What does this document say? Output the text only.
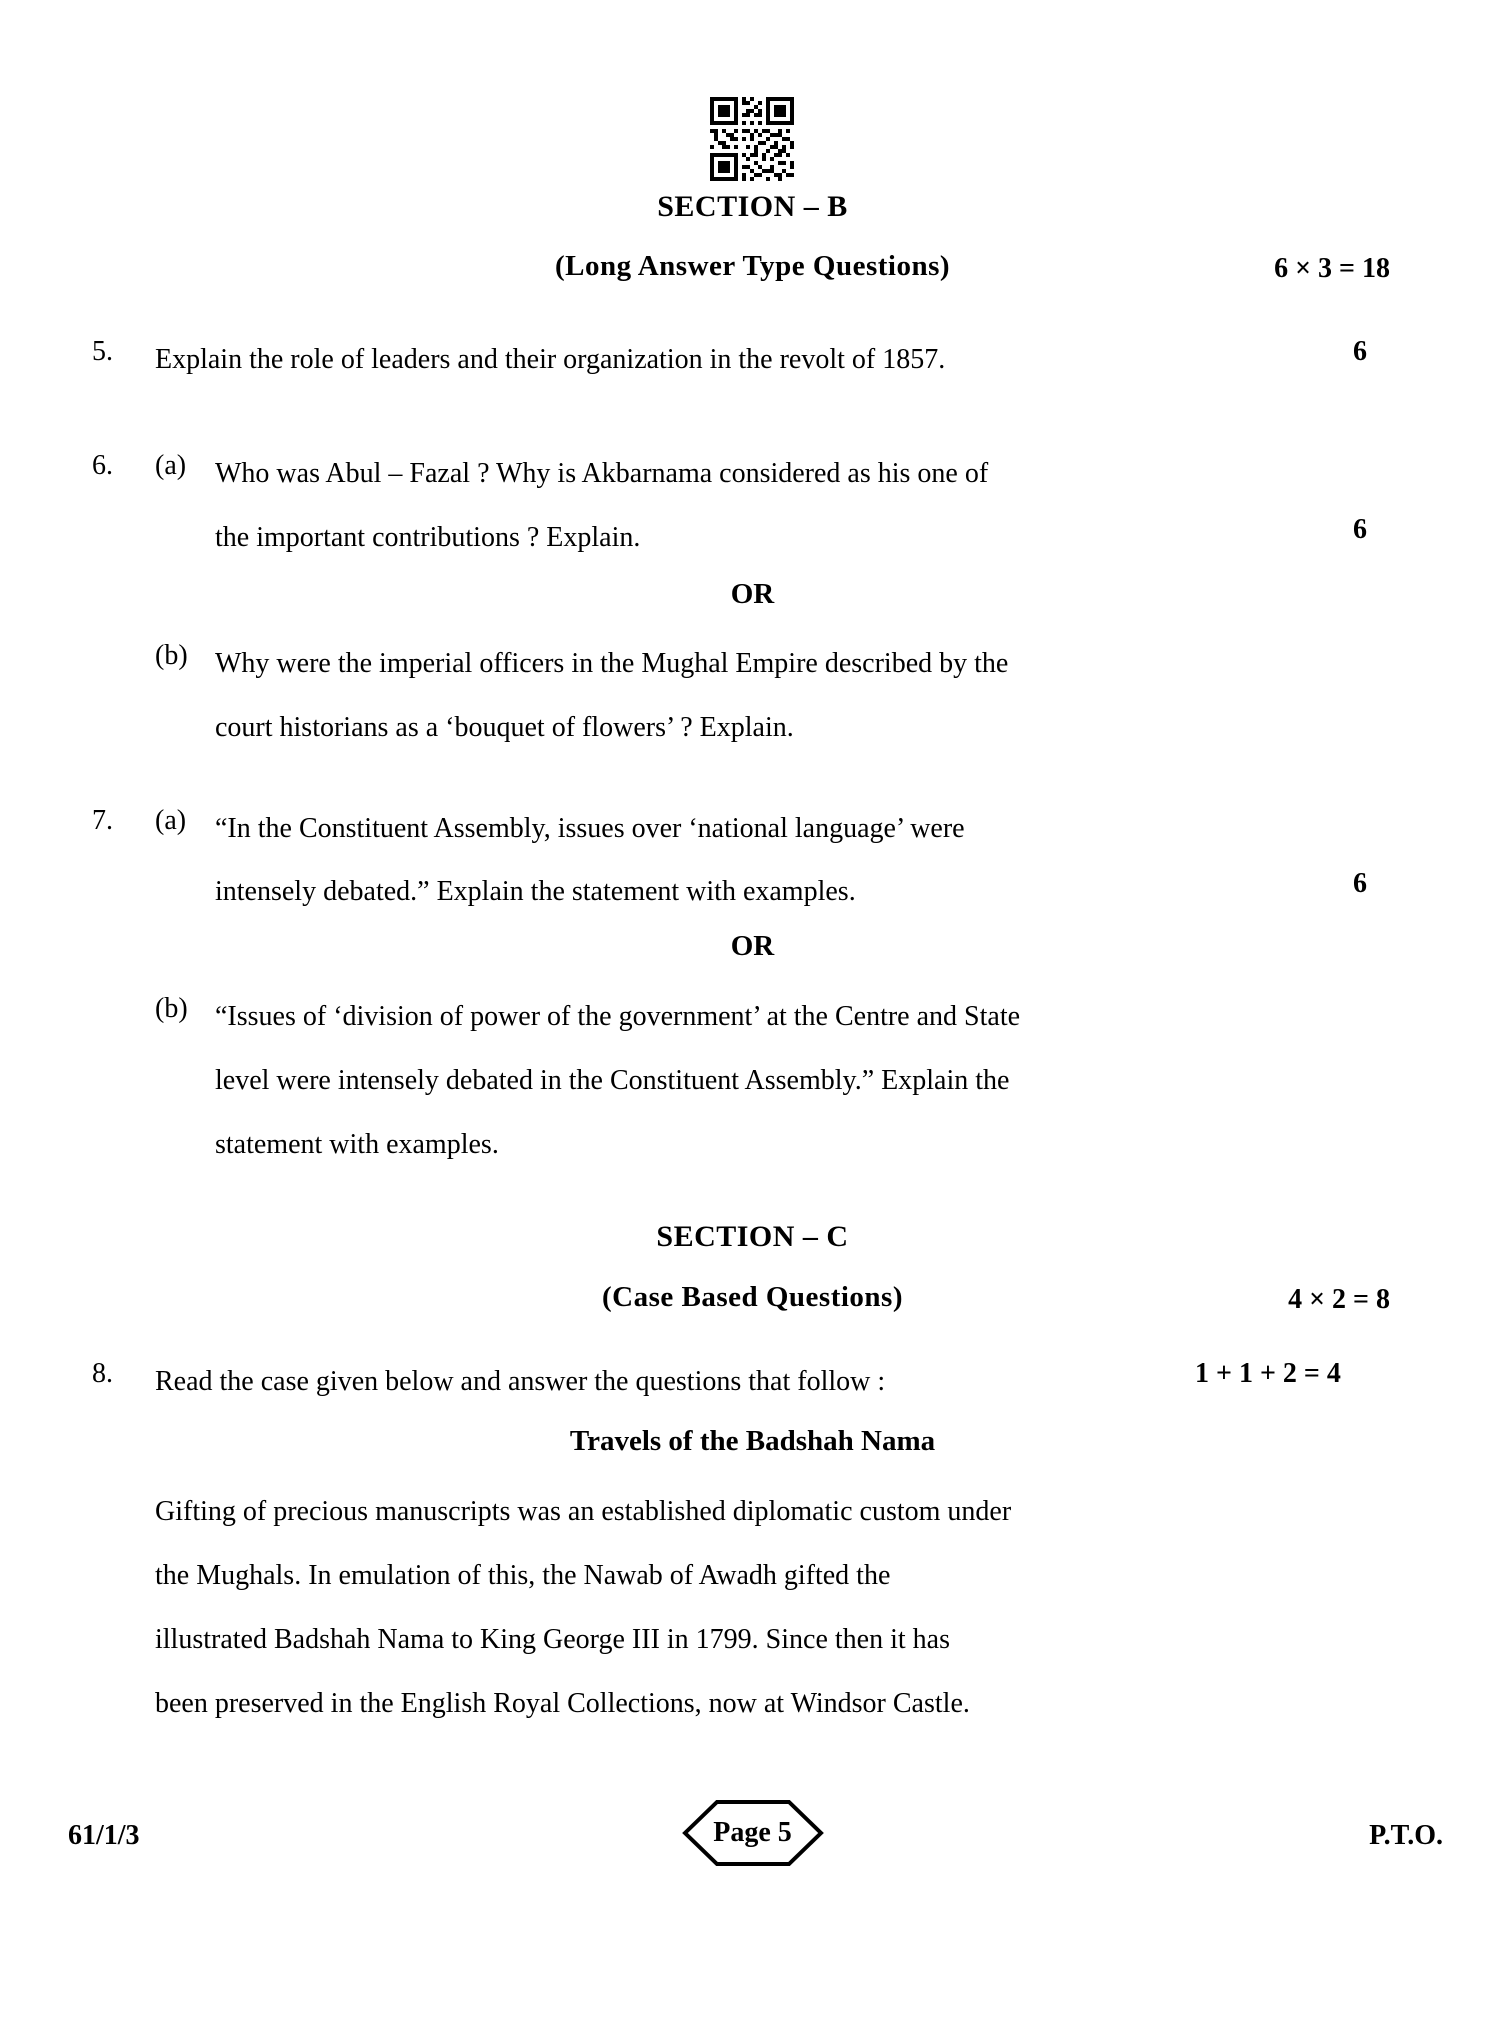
SECTION – B
(Long Answer Type Questions)	6 × 3 = 18
5.	Explain the role of leaders and their organization in the revolt of 1857.	6
6.	(a)	Who was Abul – Fazal ? Why is Akbarnama considered as his one of
the important contributions ? Explain.	6
OR
(b) Why were the imperial officers in the Mughal Empire described by the
court historians as a ‘bouquet of flowers’ ? Explain.
7.	(a)	“In the Constituent Assembly, issues over ‘national language’ were
intensely debated.” Explain the statement with examples.	6
OR
(b) “Issues of ‘division of power of the government’ at the Centre and State
level were intensely debated in the Constituent Assembly.” Explain the
statement with examples.
SECTION – C
(Case Based Questions)	4 × 2 = 8
8.	Read the case given below and answer the questions that follow :	1 + 1 + 2 = 4
Travels of the Badshah Nama
Gifting of precious manuscripts was an established diplomatic custom under
the Mughals. In emulation of this, the Nawab of Awadh gifted the
illustrated Badshah Nama to King George III in 1799. Since then it has
been preserved in the English Royal Collections, now at Windsor Castle.
61/1/3	Page 5	P.T.O.
